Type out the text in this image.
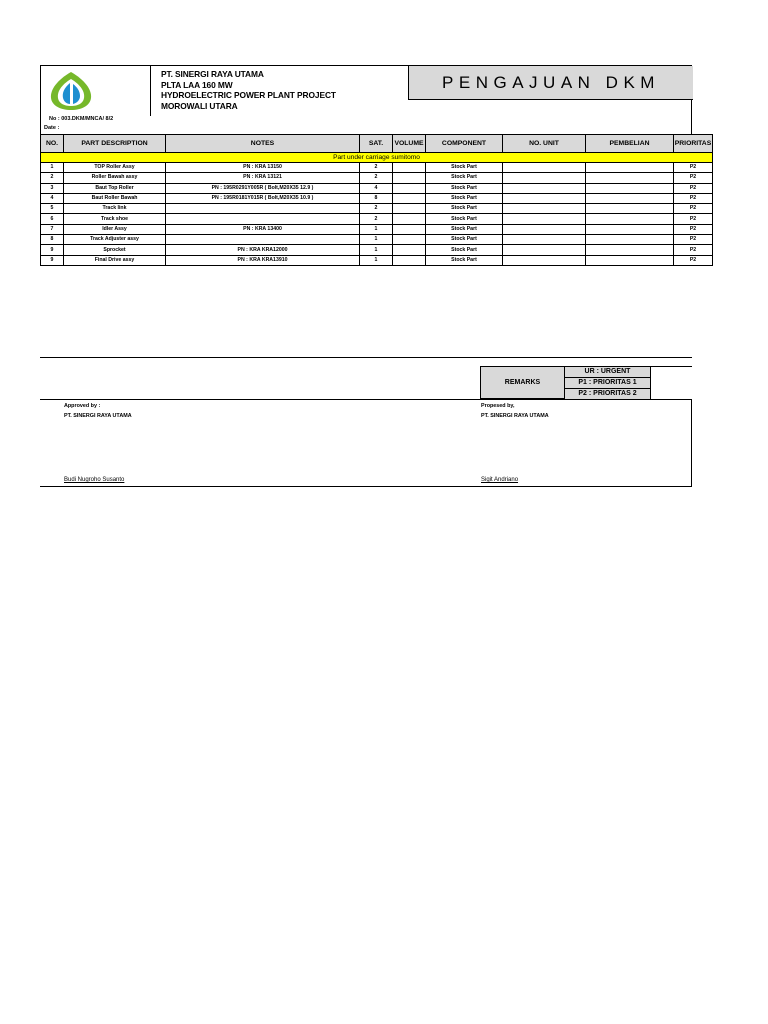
PT. SINERGI RAYA UTAMA
PLTA LAA 160 MW
HYDROELECTRIC POWER PLANT PROJECT
MOROWALI UTARA
PENGAJUAN DKM
No : 003.DKM/MNCA/ 8/2
Date :
NO.	PART DESCRIPTION	NOTES	SAT.	VOLUME	COMPONENT	NO. UNIT	PEMBELIAN	PRIORITAS
Part under carriage sumitomo								
1	TOP Roller Assy	PN : KRA 13150	2		Stock Part			P2
2	Roller Bawah assy	PN : KRA 13121	2		Stock Part			P2
3	Baut Top Roller	PN : 195R0291Y005R ( Bolt,M20X35 12.9 )	4		Stock Part			P2
4	Baut Roller Bawah	PN : 195R0181Y015R ( Bolt,M20X35 10.9 )	8		Stock Part			P2
5	Track link		2		Stock Part			P2
6	Track shoe		2		Stock Part			P2
7	Idler Assy	PN : KRA 13400	1		Stock Part			P2
8	Track Adjuster assy		1		Stock Part			P2
9	Sprocket	PN : KRA KRA12000	1		Stock Part			P2
9	Final Drive assy	PN : KRA KRA13910	1		Stock Part			P2
REMARKS
UR : URGENT
P1 : PRIORITAS 1
P2 : PRIORITAS 2
Approved by :
PT. SINERGI RAYA UTAMA
Budi Nugroho Susanto
Propesed by,
PT. SINERGI RAYA UTAMA
Sigit Andriano
